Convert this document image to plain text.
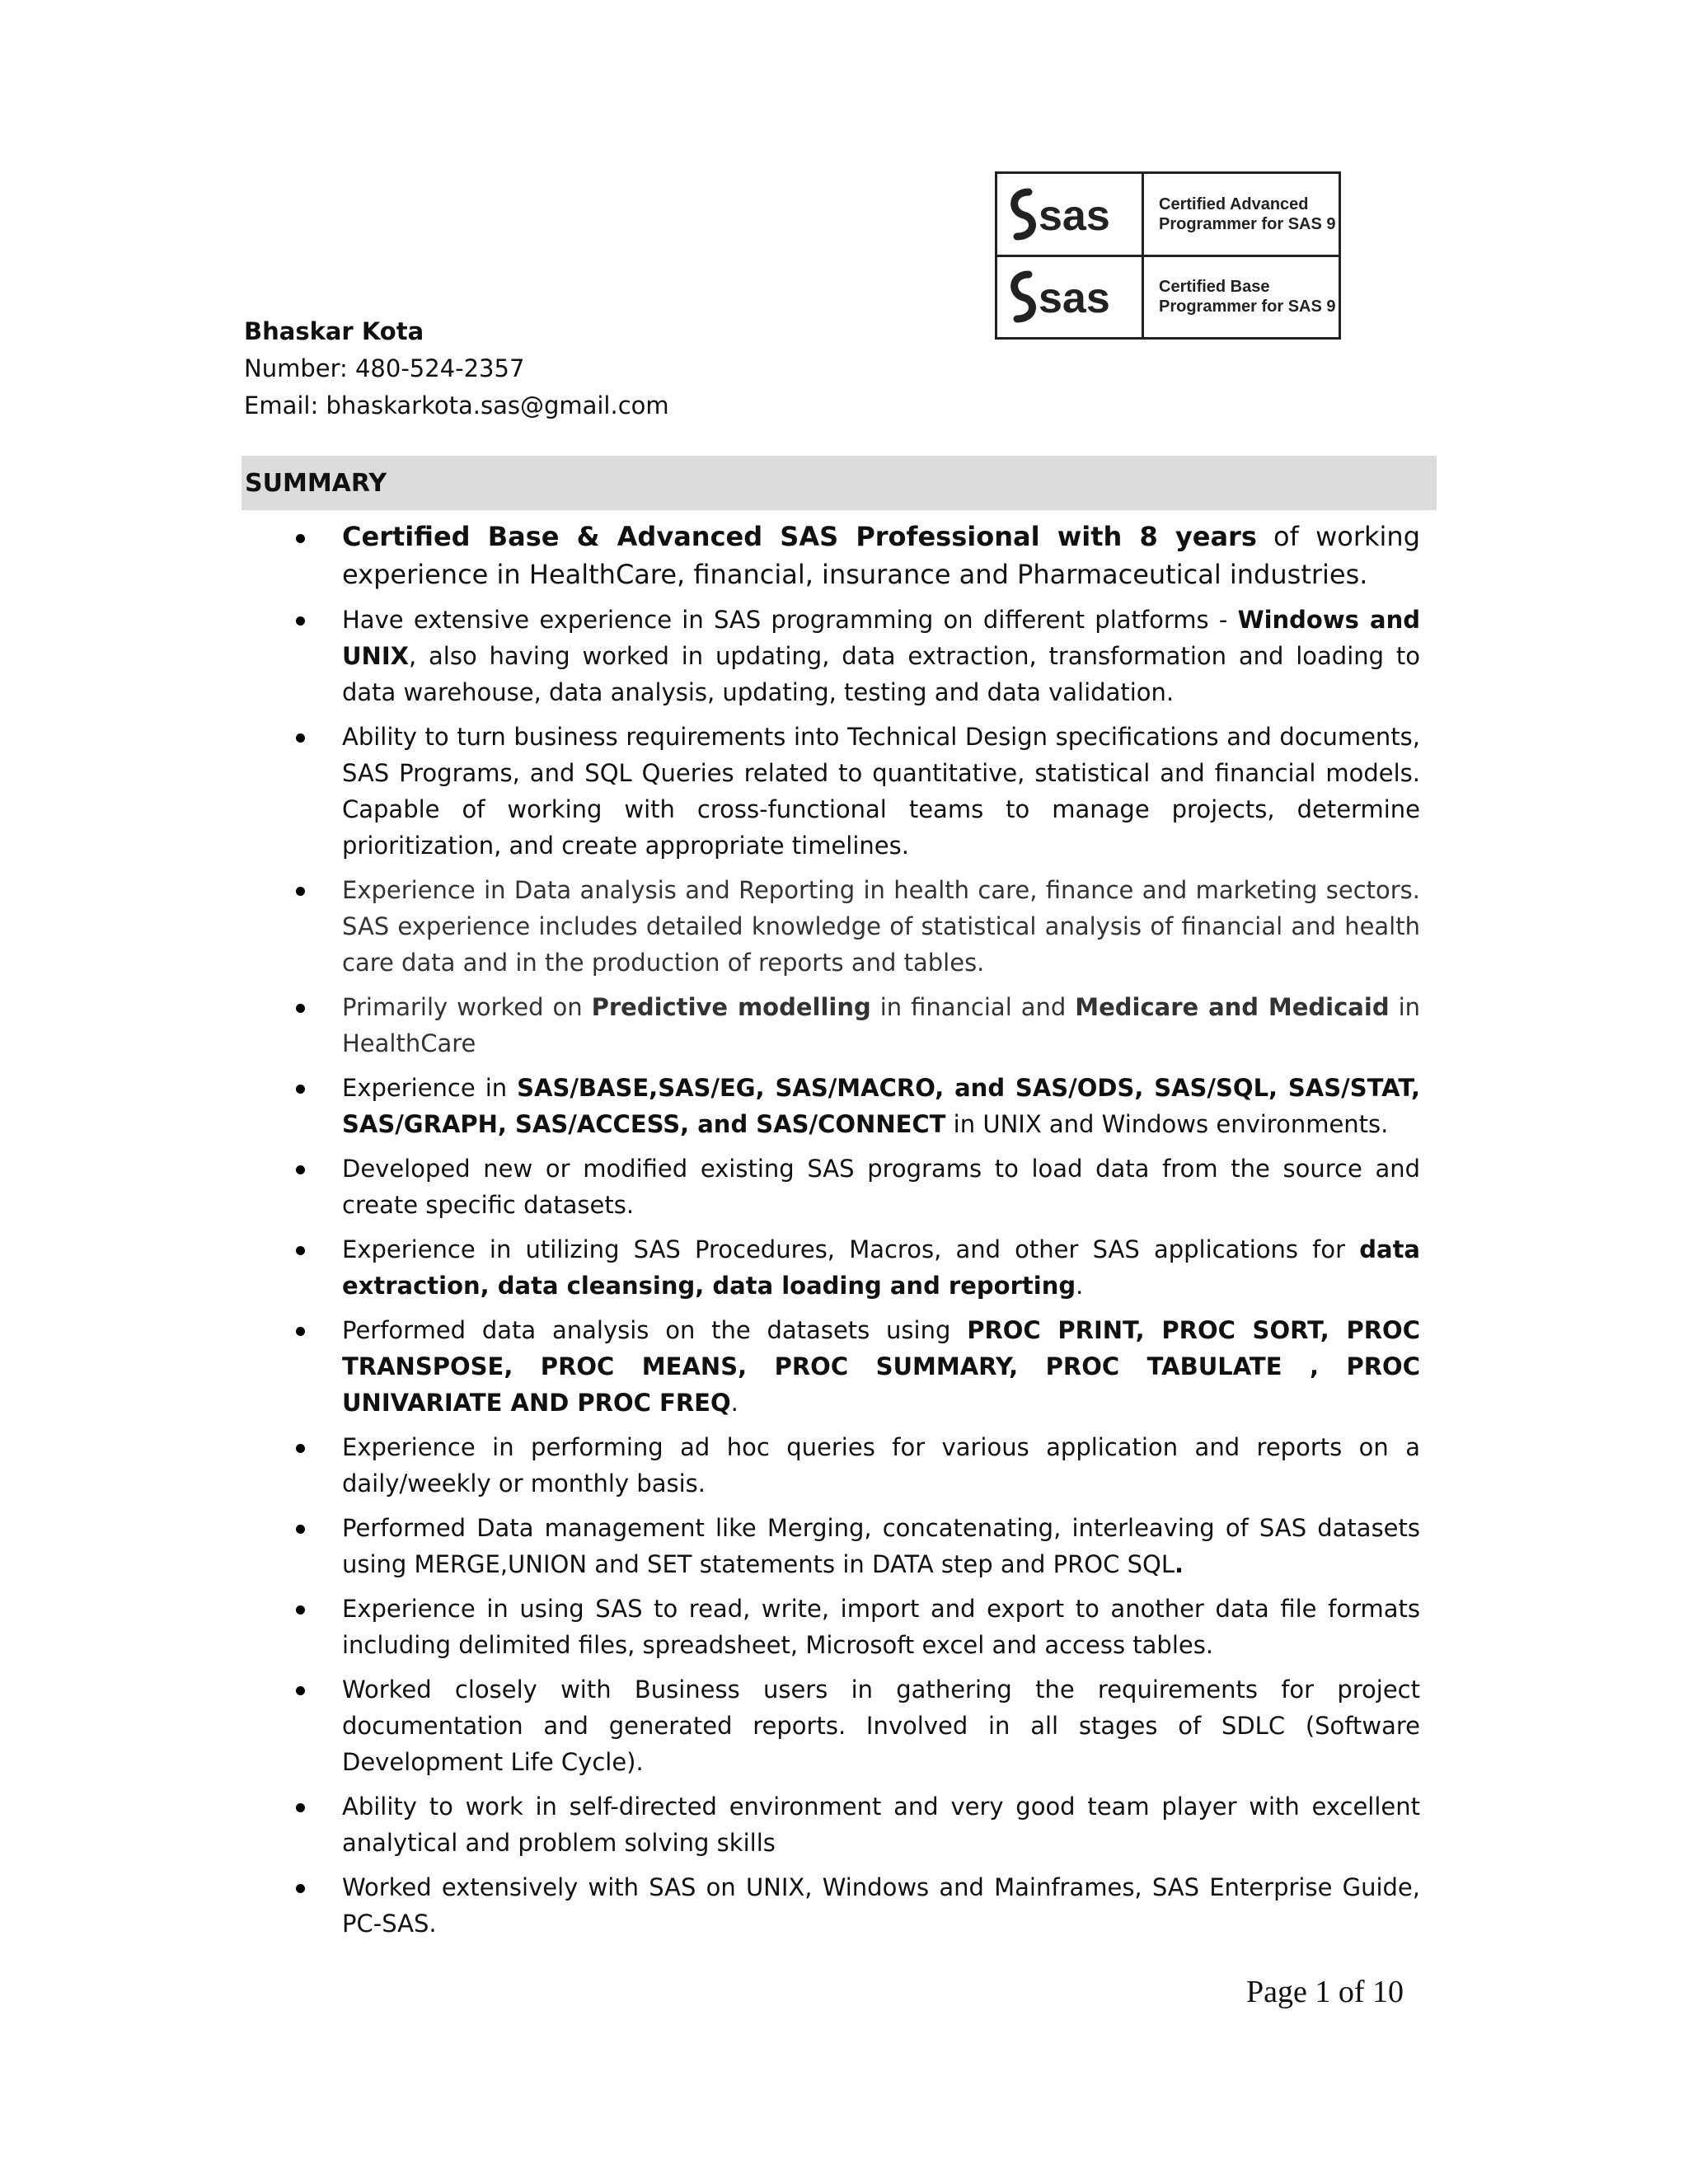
sas	Certified Advanced
Programmer for SAS 9
sas	Certified Base
Programmer for SAS 9
Bhaskar Kota
Number: 480-524-2357
Email: bhaskarkota.sas@gmail.com
SUMMARY
Certified Base & Advanced SAS Professional with 8 years of working experience in HealthCare, financial, insurance and Pharmaceutical industries.
Have extensive experience in SAS programming on different platforms - Windows and UNIX, also having worked in updating, data extraction, transformation and loading to data warehouse, data analysis, updating, testing and data validation.
Ability to turn business requirements into Technical Design specifications and documents, SAS Programs, and SQL Queries related to quantitative, statistical and financial models. Capable of working with cross-functional teams to manage projects, determine prioritization, and create appropriate timelines.
Experience in Data analysis and Reporting in health care, finance and marketing sectors. SAS experience includes detailed knowledge of statistical analysis of financial and health care data and in the production of reports and tables.
Primarily worked on Predictive modelling in financial and Medicare and Medicaid in HealthCare
Experience in SAS/BASE,SAS/EG, SAS/MACRO, and SAS/ODS, SAS/SQL, SAS/STAT, SAS/GRAPH, SAS/ACCESS, and SAS/CONNECT in UNIX and Windows environments.
Developed new or modified existing SAS programs to load data from the source and create specific datasets.
Experience in utilizing SAS Procedures, Macros, and other SAS applications for data extraction, data cleansing, data loading and reporting.
Performed data analysis on the datasets using PROC PRINT, PROC SORT, PROC TRANSPOSE, PROC MEANS, PROC SUMMARY, PROC TABULATE , PROC UNIVARIATE AND PROC FREQ.
Experience in performing ad hoc queries for various application and reports on a daily/weekly or monthly basis.
Performed Data management like Merging, concatenating, interleaving of SAS datasets using MERGE,UNION and SET statements in DATA step and PROC SQL.
Experience in using SAS to read, write, import and export to another data file formats including delimited files, spreadsheet, Microsoft excel and access tables.
Worked closely with Business users in gathering the requirements for project documentation and generated reports. Involved in all stages of SDLC (Software Development Life Cycle).
Ability to work in self-directed environment and very good team player with excellent analytical and problem solving skills
Worked extensively with SAS on UNIX, Windows and Mainframes, SAS Enterprise Guide, PC-SAS.
Page 1 of 10
